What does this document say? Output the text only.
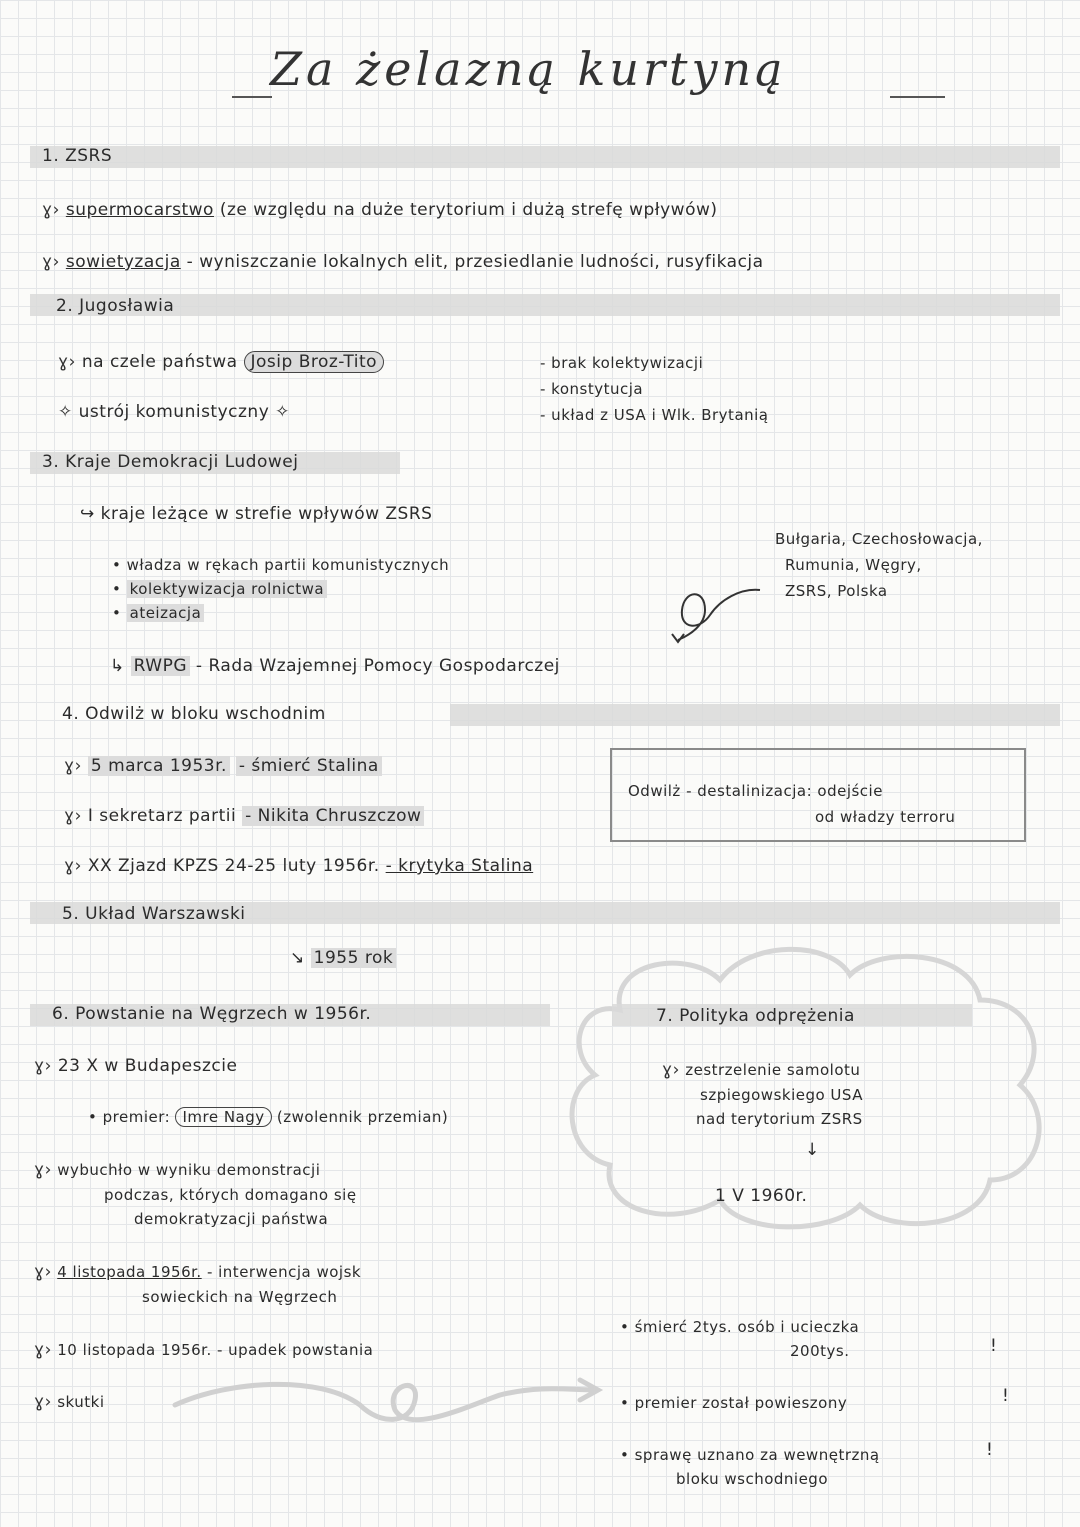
Za żelazną kurtyną
1. ZSRS
ɣ› supermocarstwo (ze względu na duże terytorium i dużą strefę wpływów)
ɣ› sowietyzacja - wyniszczanie lokalnych elit, przesiedlanie ludności, rusyfikacja
2. Jugosławia
ɣ› na czele państwa Josip Broz-Tito
✧ ustrój komunistyczny ✧
- brak kolektywizacji
- konstytucja
- układ z USA i Wlk. Brytanią
3. Kraje Demokracji Ludowej
↪ kraje leżące w strefie wpływów ZSRS
• władza w rękach partii komunistycznych
• kolektywizacja rolnictwa
• ateizacja
↳ RWPG - Rada Wzajemnej Pomocy Gospodarczej
Bułgaria, Czechosłowacja,
Rumunia, Węgry,
ZSRS, Polska
4. Odwilż w bloku wschodnim
ɣ› 5 marca 1953r. - śmierć Stalina
ɣ› I sekretarz partii - Nikita Chruszczow
ɣ› XX Zjazd KPZS 24-25 luty 1956r. - krytyka Stalina
Odwilż - destalinizacja: odejście
od władzy terroru
5. Układ Warszawski
↘ 1955 rok
6. Powstanie na Węgrzech w 1956r.
ɣ› 23 X w Budapeszcie
• premier: Imre Nagy (zwolennik przemian)
ɣ› wybuchło w wyniku demonstracji
podczas, których domagano się
demokratyzacji państwa
ɣ› 4 listopada 1956r. - interwencja wojsk
sowieckich na Węgrzech
ɣ› 10 listopada 1956r. - upadek powstania
ɣ› skutki
7. Polityka odprężenia
ɣ› zestrzelenie samolotu
szpiegowskiego USA
nad terytorium ZSRS
↓
1 V 1960r.
• śmierć 2tys. osób i ucieczka
200tys.
• premier został powieszony
• sprawę uznano za wewnętrzną
bloku wschodniego
!
!
!
